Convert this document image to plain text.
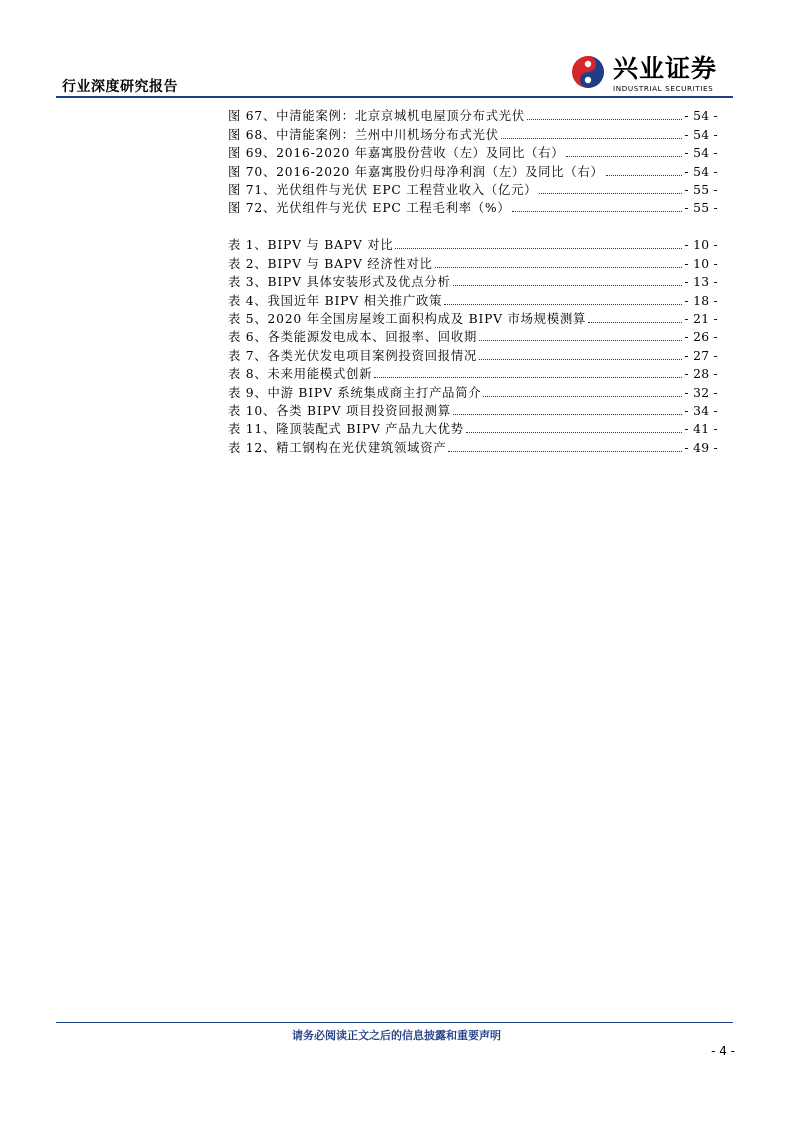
行业深度研究报告
兴业证券
INDUSTRIAL SECURITIES
图 67、中清能案例：北京京城机电屋顶分布式光伏	- 54 -
图 68、中清能案例：兰州中川机场分布式光伏	- 54 -
图 69、2016-2020 年嘉寓股份营收（左）及同比（右）	- 54 -
图 70、2016-2020 年嘉寓股份归母净利润（左）及同比（右）	- 54 -
图 71、光伏组件与光伏 EPC 工程营业收入（亿元）	- 55 -
图 72、光伏组件与光伏 EPC 工程毛利率（%）	- 55 -
表 1、BIPV 与 BAPV 对比	- 10 -
表 2、BIPV 与 BAPV 经济性对比	- 10 -
表 3、BIPV 具体安装形式及优点分析	- 13 -
表 4、我国近年 BIPV 相关推广政策	- 18 -
表 5、2020 年全国房屋竣工面积构成及 BIPV 市场规模测算	- 21 -
表 6、各类能源发电成本、回报率、回收期	- 26 -
表 7、各类光伏发电项目案例投资回报情况	- 27 -
表 8、未来用能模式创新	- 28 -
表 9、中游 BIPV 系统集成商主打产品简介	- 32 -
表 10、各类 BIPV 项目投资回报测算	- 34 -
表 11、隆顶装配式 BIPV 产品九大优势	- 41 -
表 12、精工钢构在光伏建筑领域资产	- 49 -
请务必阅读正文之后的信息披露和重要声明
- 4 -
